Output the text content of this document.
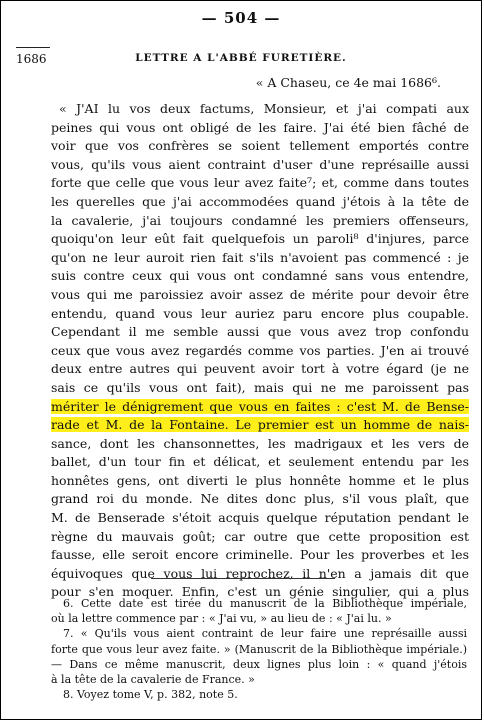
— 504 —
1686	LETTRE A L'ABBÉ FURETIÈRE.
« A Chaseu, ce 4e mai 1686⁶.
« J'AI lu vos deux factums, Monsieur, et j'ai compati aux
peines qui vous ont obligé de les faire. J'ai été bien fâché de
voir que vos confrères se soient tellement emportés contre
vous, qu'ils vous aient contraint d'user d'une représaille aussi
forte que celle que vous leur avez faite⁷; et, comme dans toutes
les querelles que j'ai accommodées quand j'étois à la tête de
la cavalerie, j'ai toujours condamné les premiers offenseurs,
quoiqu'on leur eût fait quelquefois un paroli⁸ d'injures, parce
qu'on ne leur auroit rien fait s'ils n'avoient pas commencé : je
suis contre ceux qui vous ont condamné sans vous entendre,
vous qui me paroissiez avoir assez de mérite pour devoir être
entendu, quand vous leur auriez paru encore plus coupable.
Cependant il me semble aussi que vous avez trop confondu
ceux que vous avez regardés comme vos parties. J'en ai trouvé
deux entre autres qui peuvent avoir tort à votre égard (je ne
sais ce qu'ils vous ont fait), mais qui ne me paroissent pas
mériter le dénigrement que vous en faites : c'est M. de Bense-
rade et M. de la Fontaine. Le premier est un homme de nais-
sance, dont les chansonnettes, les madrigaux et les vers de
ballet, d'un tour fin et délicat, et seulement entendu par les
honnêtes gens, ont diverti le plus honnête homme et le plus
grand roi du monde. Ne dites donc plus, s'il vous plaît, que
M. de Benserade s'étoit acquis quelque réputation pendant le
règne du mauvais goût; car outre que cette proposition est
fausse, elle seroit encore criminelle. Pour les proverbes et les
équivoques que vous lui reprochez, il n'en a jamais dit que
pour s'en moquer. Enfin, c'est un génie singulier, qui a plus
6. Cette date est tirée du manuscrit de la Bibliothèque impériale,
où la lettre commence par : « J'ai vu, » au lieu de : « J'ai lu. »
7. « Qu'ils vous aient contraint de leur faire une représaille aussi
forte que vous leur avez faite. » (Manuscrit de la Bibliothèque impériale.)
— Dans ce même manuscrit, deux lignes plus loin : « quand j'étois
à la tête de la cavalerie de France. »
8. Voyez tome V, p. 382, note 5.
